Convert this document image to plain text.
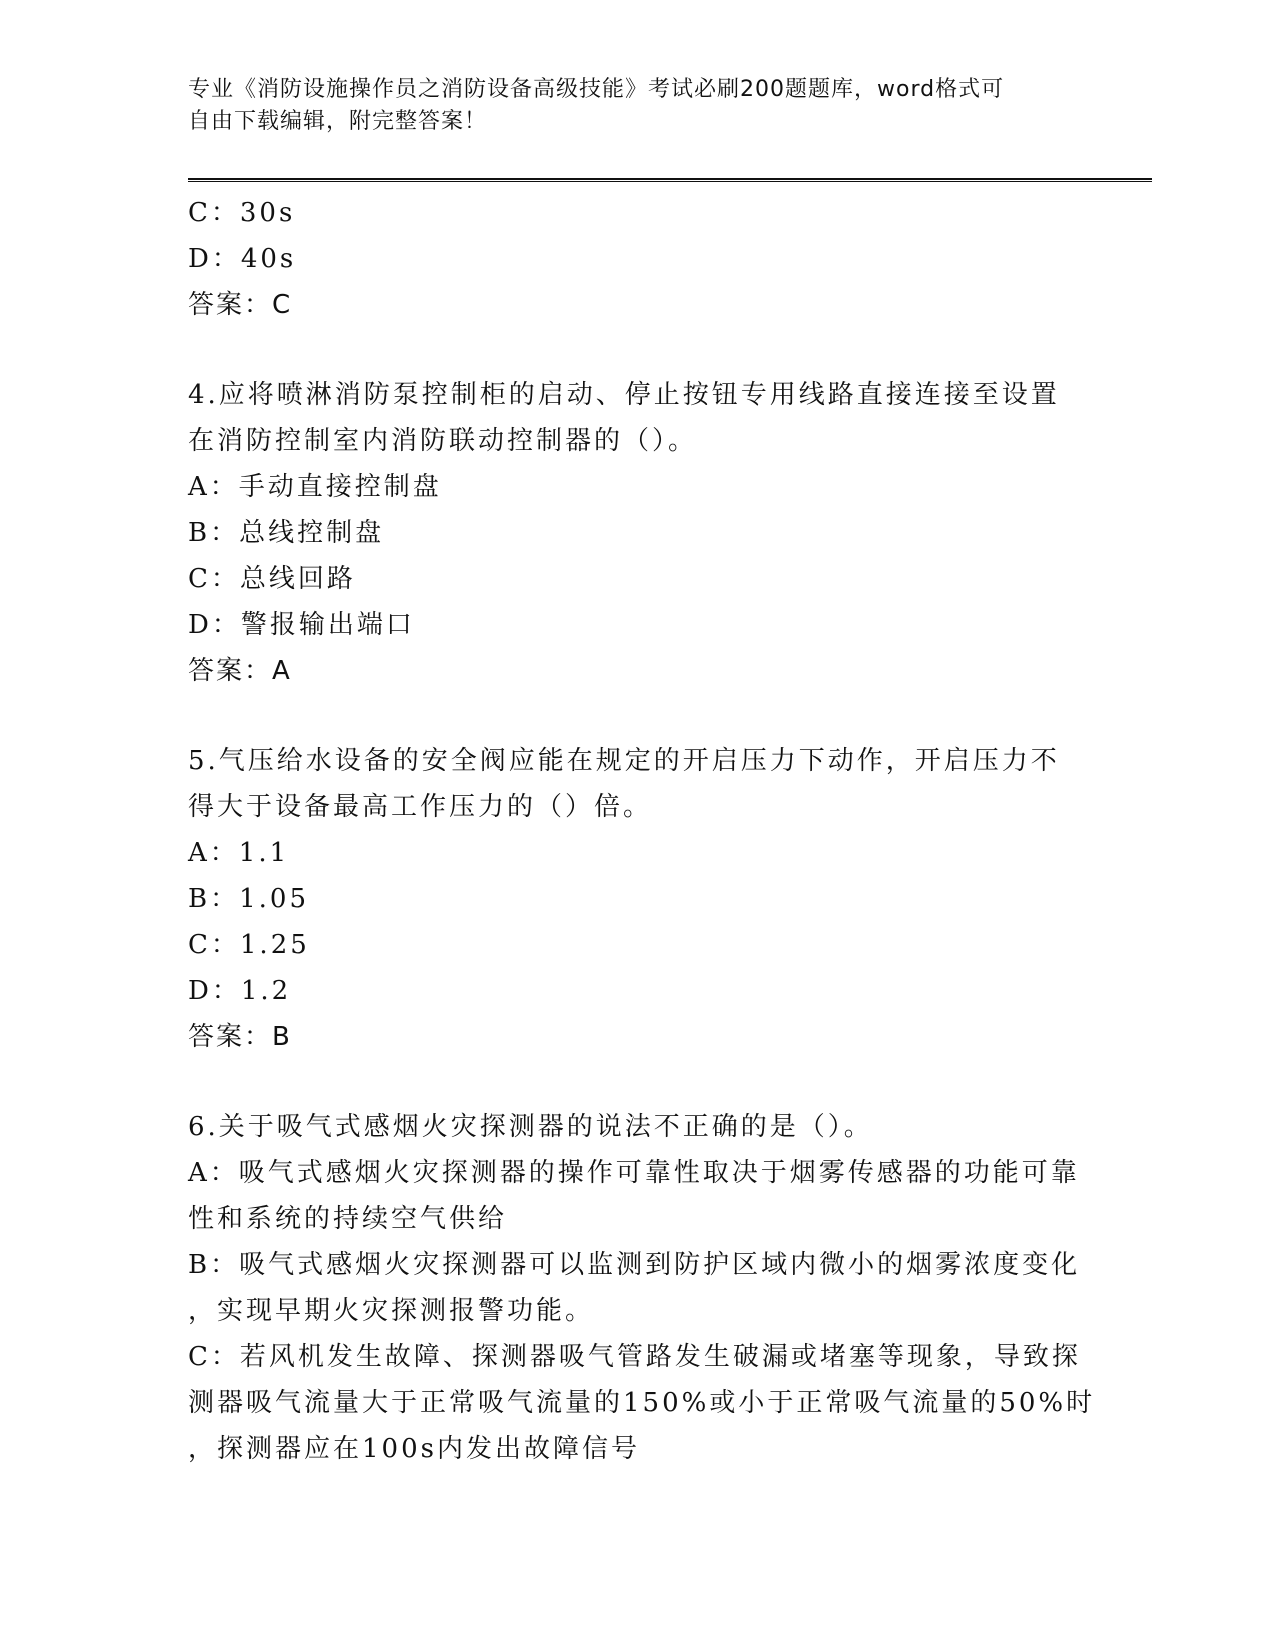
专业《消防设施操作员之消防设备高级技能》考试必刷200题题库，word格式可
自由下载编辑，附完整答案！
C：30s
D：40s
答案：C
4.应将喷淋消防泵控制柜的启动、停止按钮专用线路直接连接至设置
在消防控制室内消防联动控制器的（）。
A：手动直接控制盘
B：总线控制盘
C：总线回路
D：警报输出端口
答案：A
5.气压给水设备的安全阀应能在规定的开启压力下动作，开启压力不
得大于设备最高工作压力的（）倍。
A：1.1
B：1.05
C：1.25
D：1.2
答案：B
6.关于吸气式感烟火灾探测器的说法不正确的是（）。
A：吸气式感烟火灾探测器的操作可靠性取决于烟雾传感器的功能可靠
性和系统的持续空气供给
B：吸气式感烟火灾探测器可以监测到防护区域内微小的烟雾浓度变化
，实现早期火灾探测报警功能。
C：若风机发生故障、探测器吸气管路发生破漏或堵塞等现象，导致探
测器吸气流量大于正常吸气流量的150%或小于正常吸气流量的50%时
，探测器应在100s内发出故障信号
